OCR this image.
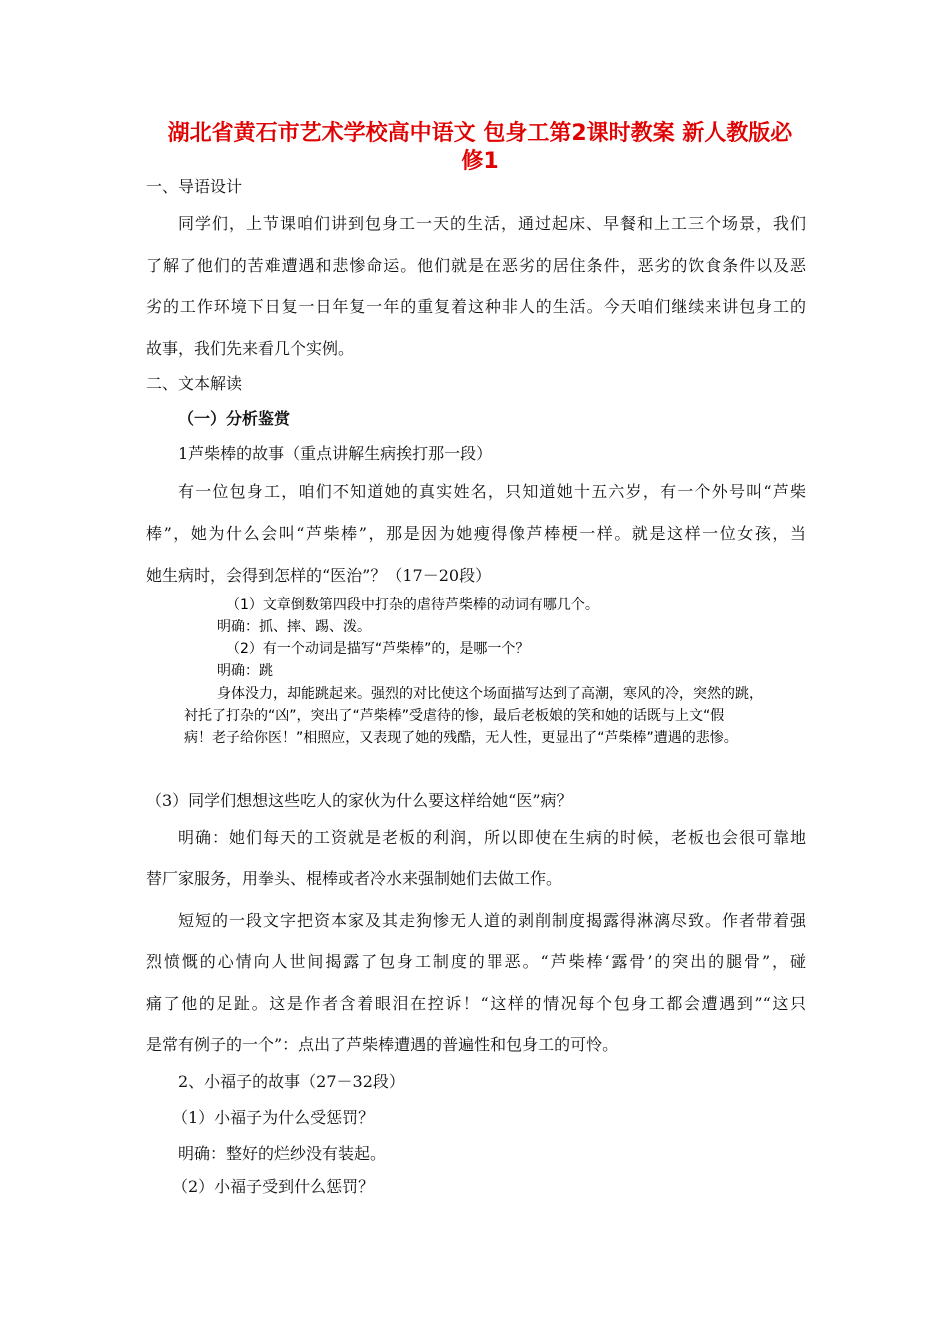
湖北省黄石市艺术学校高中语文 包身工第2课时教案 新人教版必
修1
一、导语设计
同学们，上节课咱们讲到包身工一天的生活，通过起床、早餐和上工三个场景，我们
了解了他们的苦难遭遇和悲惨命运。他们就是在恶劣的居住条件，恶劣的饮食条件以及恶
劣的工作环境下日复一日年复一年的重复着这种非人的生活。今天咱们继续来讲包身工的
故事，我们先来看几个实例。
二、文本解读
（一）分析鉴赏
1芦柴棒的故事（重点讲解生病挨打那一段）
有一位包身工，咱们不知道她的真实姓名，只知道她十五六岁，有一个外号叫“芦柴
棒”，她为什么会叫“芦柴棒”，那是因为她瘦得像芦棒梗一样。就是这样一位女孩，当
她生病时，会得到怎样的“医治”？（17－20段）
（1）文章倒数第四段中打杂的虐待芦柴棒的动词有哪几个。
明确：抓、摔、踢、泼。
（2）有一个动词是描写“芦柴棒”的，是哪一个？
明确：跳
身体没力，却能跳起来。强烈的对比使这个场面描写达到了高潮，寒风的冷，突然的跳，
衬托了打杂的“凶”，突出了“芦柴棒”受虐待的惨，最后老板娘的笑和她的话既与上文“假
病！老子给你医！”相照应，又表现了她的残酷，无人性，更显出了“芦柴棒”遭遇的悲惨。
（3）同学们想想这些吃人的家伙为什么要这样给她“医”病？
明确：她们每天的工资就是老板的利润，所以即使在生病的时候，老板也会很可靠地
替厂家服务，用拳头、棍棒或者冷水来强制她们去做工作。
短短的一段文字把资本家及其走狗惨无人道的剥削制度揭露得淋漓尽致。作者带着强
烈愤慨的心情向人世间揭露了包身工制度的罪恶。“芦柴棒‘露骨’的突出的腿骨”，碰
痛了他的足趾。这是作者含着眼泪在控诉！“这样的情况每个包身工都会遭遇到”“这只
是常有例子的一个”：点出了芦柴棒遭遇的普遍性和包身工的可怜。
2、小福子的故事（27－32段）
（1）小福子为什么受惩罚？
明确：整好的烂纱没有装起。
（2）小福子受到什么惩罚？
